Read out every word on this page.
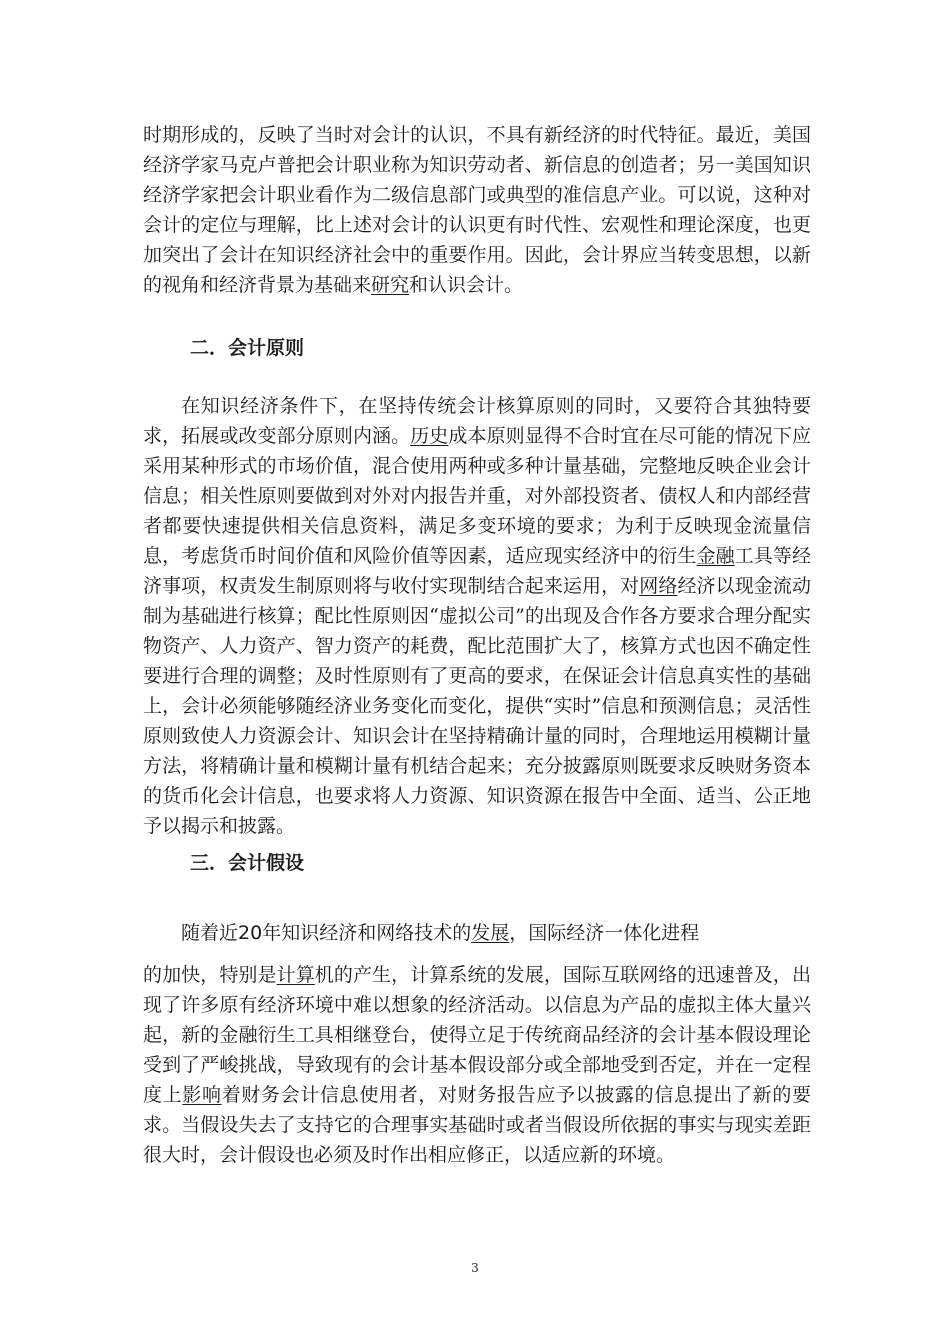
时期形成的，反映了当时对会计的认识，不具有新经济的时代特征。最近，美国经济学家马克卢普把会计职业称为知识劳动者、新信息的创造者；另一美国知识经济学家把会计职业看作为二级信息部门或典型的准信息产业。可以说，这种对会计的定位与理解，比上述对会计的认识更有时代性、宏观性和理论深度，也更加突出了会计在知识经济社会中的重要作用。因此，会计界应当转变思想，以新的视角和经济背景为基础来研究和认识会计。

二．会计原则

在知识经济条件下，在坚持传统会计核算原则的同时，又要符合其独特要求，拓展或改变部分原则内涵。历史成本原则显得不合时宜在尽可能的情况下应采用某种形式的市场价值，混合使用两种或多种计量基础，完整地反映企业会计信息；相关性原则要做到对外对内报告并重，对外部投资者、债权人和内部经营者都要快速提供相关信息资料，满足多变环境的要求；为利于反映现金流量信息，考虑货币时间价值和风险价值等因素，适应现实经济中的衍生金融工具等经济事项，权责发生制原则将与收付实现制结合起来运用，对网络经济以现金流动制为基础进行核算；配比性原则因“虚拟公司”的出现及合作各方要求合理分配实物资产、人力资产、智力资产的耗费，配比范围扩大了，核算方式也因不确定性要进行合理的调整；及时性原则有了更高的要求，在保证会计信息真实性的基础上，会计必须能够随经济业务变化而变化，提供“实时”信息和预测信息；灵活性原则致使人力资源会计、知识会计在坚持精确计量的同时，合理地运用模糊计量方法，将精确计量和模糊计量有机结合起来；充分披露原则既要求反映财务资本的货币化会计信息，也要求将人力资源、知识资源在报告中全面、适当、公正地予以揭示和披露。

三．会计假设

随着近20年知识经济和网络技术的发展，国际经济一体化进程

的加快，特别是计算机的产生，计算系统的发展，国际互联网络的迅速普及，出现了许多原有经济环境中难以想象的经济活动。以信息为产品的虚拟主体大量兴起，新的金融衍生工具相继登台，使得立足于传统商品经济的会计基本假设理论受到了严峻挑战，导致现有的会计基本假设部分或全部地受到否定，并在一定程度上影响着财务会计信息使用者，对财务报告应予以披露的信息提出了新的要求。当假设失去了支持它的合理事实基础时或者当假设所依据的事实与现实差距很大时，会计假设也必须及时作出相应修正，以适应新的环境。

3
